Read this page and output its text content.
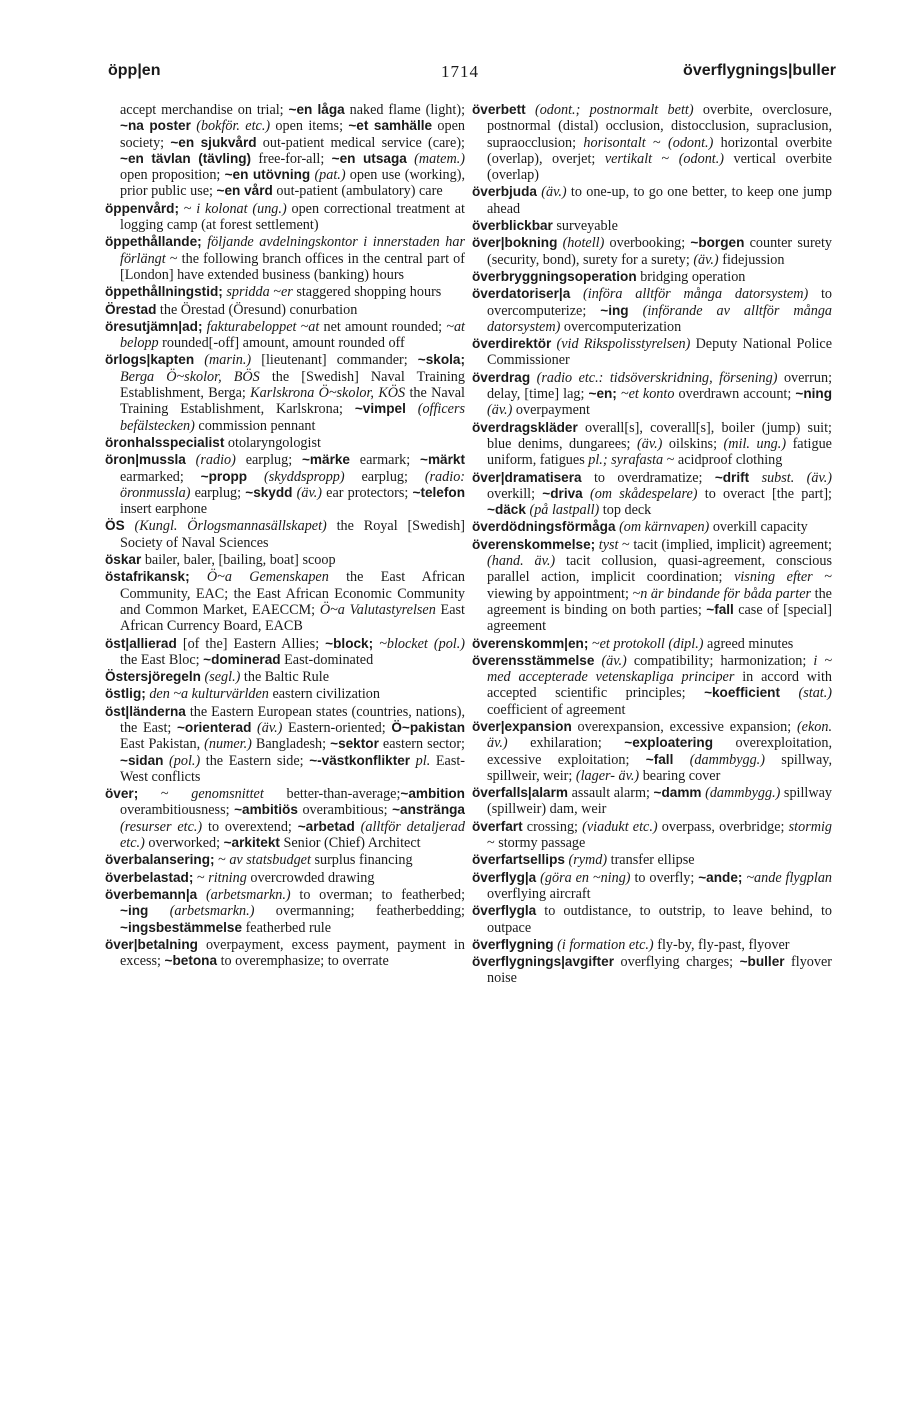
1714
öpp|en	överflygnings|buller

accept merchandise on trial; ~en låga naked flame (light); ~na poster (bokför. etc.) open items; ~et samhälle open society; ~en sjukvård out-patient medical service (care); ~en tävlan (tävling) free-for-all; ~en utsaga (matem.) open proposition; ~en utövning (pat.) open use (working), prior public use; ~en vård out-patient (ambulatory) care

öppenvård; ~ i kolonat (ung.) open correctional treatment at logging camp (at forest settlement)

öppethållande; följande avdelningskontor i innerstaden har förlängt ~ the following branch offices in the central part of [London] have extended business (banking) hours

öppethållningstid; spridda ~er staggered shopping hours

Örestad the Örestad (Öresund) conurbation

öresutjämn|ad; fakturabeloppet ~at net amount rounded; ~at belopp rounded[-off] amount, amount rounded off

örlogs|kapten (marin.) [lieutenant] commander; ~skola; Berga Ö~skolor, BÖS the [Swedish] Naval Training Establishment, Berga; Karlskrona Ö~skolor, KÖS the Naval Training Establishment, Karlskrona; ~vimpel (officers befälstecken) commission pennant

öronhalsspecialist otolaryngologist

öron|mussla (radio) earplug; ~märke earmark; ~märkt earmarked; ~propp (skyddspropp) earplug; (radio: öronmussla) earplug; ~skydd (äv.) ear protectors; ~telefon insert earphone

ÖS (Kungl. Örlogsmannasällskapet) the Royal [Swedish] Society of Naval Sciences

öskar bailer, baler, [bailing, boat] scoop

östafrikansk; Ö~a Gemenskapen the East African Community, EAC; the East African Economic Community and Common Market, EAECCM; Ö~a Valutastyrelsen East African Currency Board, EACB

öst|allierad [of the] Eastern Allies; ~block; ~blocket (pol.) the East Bloc; ~dominerad East-dominated

Östersjöregeln (segl.) the Baltic Rule

östlig; den ~a kulturvärlden eastern civilization

öst|länderna the Eastern European states (countries, nations), the East; ~orienterad (äv.) Eastern-oriented; Ö~pakistan East Pakistan, (numer.) Bangladesh; ~sektor eastern sector; ~sidan (pol.) the Eastern side; ~-västkonflikter pl. East-West conflicts

över; ~ genomsnittet better-than-average;~ambition overambitiousness; ~ambitiös overambitious; ~anstränga (resurser etc.) to overextend; ~arbetad (alltför detaljerad etc.) overworked; ~arkitekt Senior (Chief) Architect

överbalansering; ~ av statsbudget surplus financing

överbelastad; ~ ritning overcrowded drawing

överbemann|a (arbetsmarkn.) to overman; to featherbed; ~ing (arbetsmarkn.) overmanning; featherbedding; ~ingsbestämmelse featherbed rule

över|betalning overpayment, excess payment, payment in excess; ~betona to overemphasize; to overrate

överbett (odont.; postnormalt bett) overbite, overclosure, postnormal (distal) occlusion, distocclusion, supraclusion, supraocclusion; horisontalt ~ (odont.) horizontal overbite (overlap), overjet; vertikalt ~ (odont.) vertical overbite (overlap)

överbjuda (äv.) to one-up, to go one better, to keep one jump ahead

överblickbar surveyable

över|bokning (hotell) overbooking; ~borgen counter surety (security, bond), surety for a surety; (äv.) fidejussion

överbryggningsoperation bridging operation

överdatoriser|a (införa alltför många datorsystem) to overcomputerize; ~ing (införande av alltför många datorsystem) overcomputerization

överdirektör (vid Rikspolisstyrelsen) Deputy National Police Commissioner

överdrag (radio etc.: tidsöverskridning, försening) overrun; delay, [time] lag; ~en; ~et konto overdrawn account; ~ning (äv.) overpayment

överdragskläder overall[s], coverall[s], boiler (jump) suit; blue denims, dungarees; (äv.) oilskins; (mil. ung.) fatigue uniform, fatigues pl.; syrafasta ~ acidproof clothing

över|dramatisera to overdramatize; ~drift subst. (äv.) overkill; ~driva (om skådespelare) to overact [the part]; ~däck (på lastpall) top deck

överdödningsförmåga (om kärnvapen) overkill capacity

överenskommelse; tyst ~ tacit (implied, implicit) agreement; (hand. äv.) tacit collusion, quasi-agreement, conscious parallel action, implicit coordination; visning efter ~ viewing by appointment; ~n är bindande för båda parter the agreement is binding on both parties; ~fall case of [special] agreement

överenskomm|en; ~et protokoll (dipl.) agreed minutes

överensstämmelse (äv.) compatibility; harmonization; i ~ med accepterade vetenskapliga principer in accord with accepted scientific principles; ~koefficient (stat.) coefficient of agreement

över|expansion overexpansion, excessive expansion; (ekon. äv.) exhilaration; ~exploatering overexploitation, excessive exploitation; ~fall (dammbygg.) spillway, spillweir, weir; (lager- äv.) bearing cover

överfalls|alarm assault alarm; ~damm (dammbygg.) spillway (spillweir) dam, weir

överfart crossing; (viadukt etc.) overpass, overbridge; stormig ~ stormy passage

överfartsellips (rymd) transfer ellipse

överflyg|a (göra en ~ning) to overfly; ~ande; ~ande flygplan overflying aircraft

överflygla to outdistance, to outstrip, to leave behind, to outpace

överflygning (i formation etc.) fly-by, fly-past, flyover

överflygnings|avgifter overflying charges; ~buller flyover noise
